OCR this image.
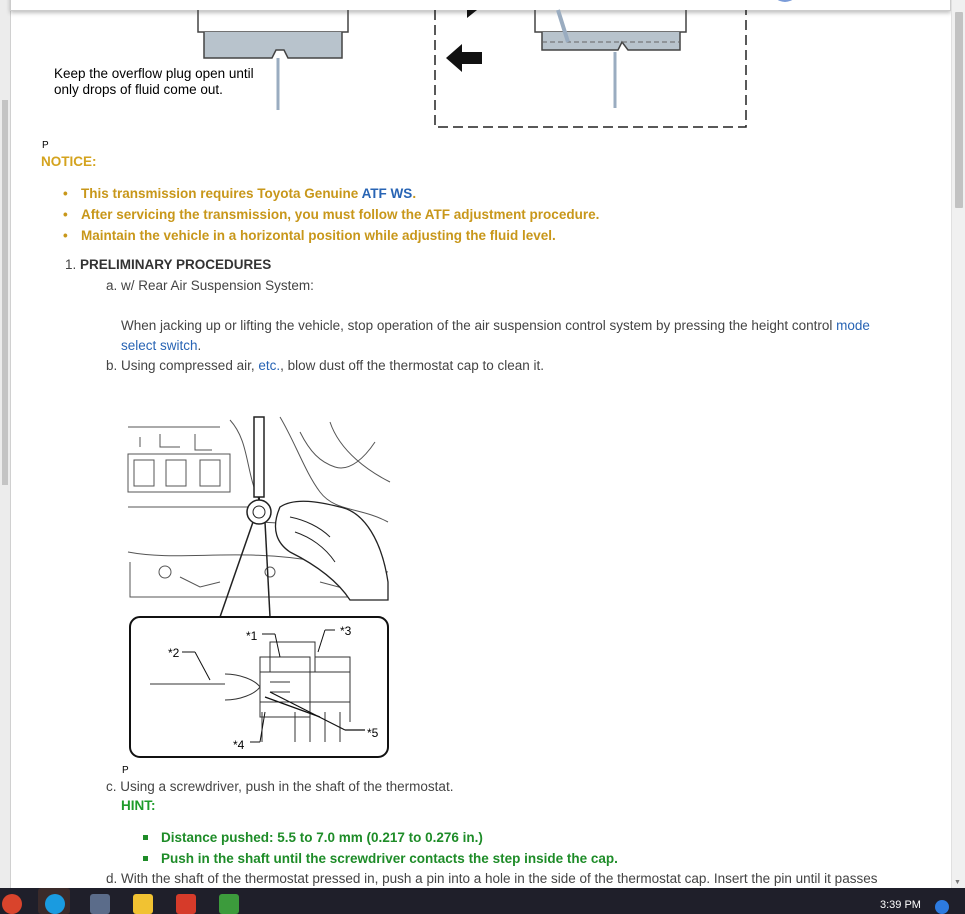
▼
Keep the overflow plug open until
only drops of fluid come out.
P
NOTICE:
• This transmission requires Toyota Genuine ATF WS.
• After servicing the transmission, you must follow the ATF adjustment procedure.
• Maintain the vehicle in a horizontal position while adjusting the fluid level.
1. PRELIMINARY PROCEDURES
a. w/ Rear Air Suspension System:
When jacking up or lifting the vehicle, stop operation of the air suspension control system by pressing the height control mode
select switch.
b. Using compressed air, etc., blow dust off the thermostat cap to clean it.
*1
*2
*3
*4
*5
P
c. Using a screwdriver, push in the shaft of the thermostat.
HINT:
Distance pushed: 5.5 to 7.0 mm (0.217 to 0.276 in.)
Push in the shaft until the screwdriver contacts the step inside the cap.
d. With the shaft of the thermostat pressed in, push a pin into a hole in the side of the thermostat cap. Insert the pin until it passes
3:39 PM
